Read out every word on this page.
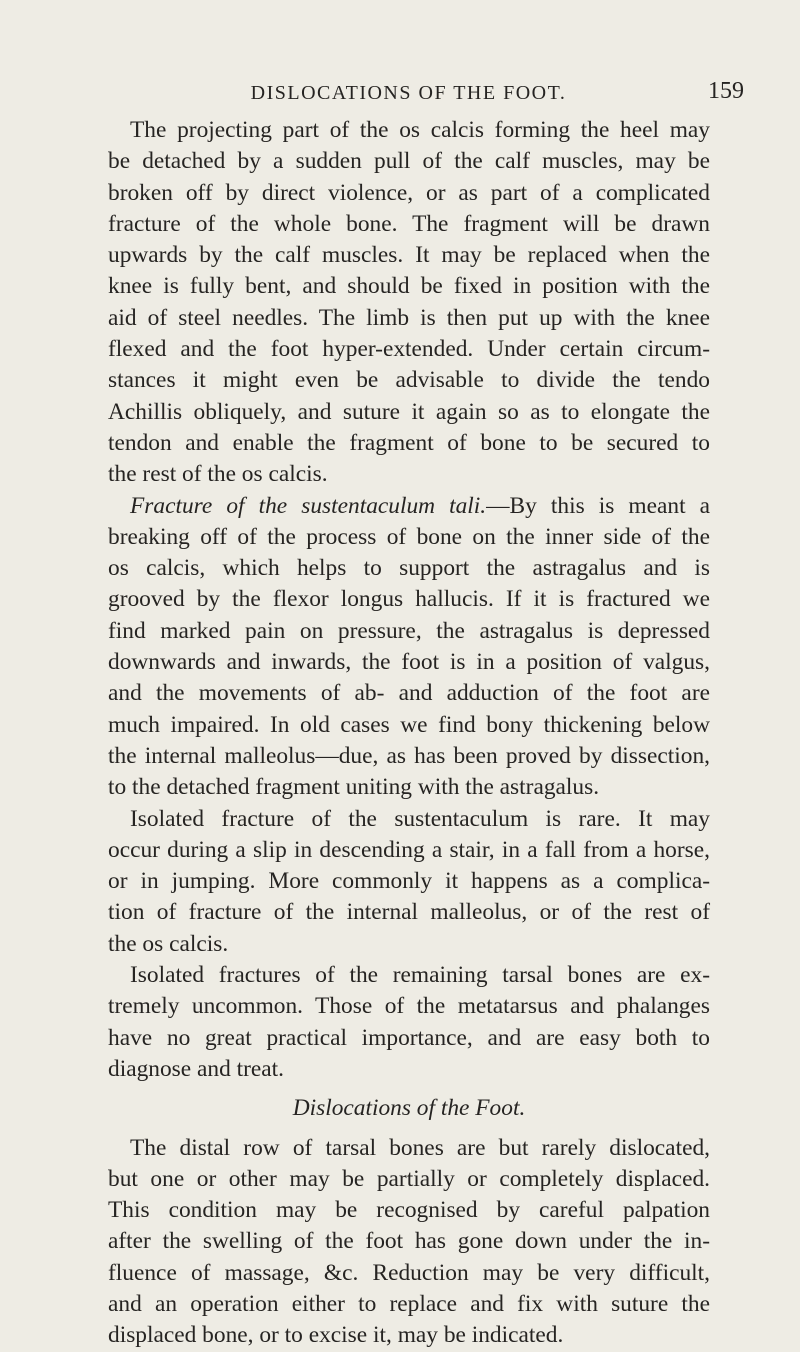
DISLOCATIONS OF THE FOOT.	159
The projecting part of the os calcis forming the heel may
be detached by a sudden pull of the calf muscles, may be
broken off by direct violence, or as part of a complicated
fracture of the whole bone. The fragment will be drawn
upwards by the calf muscles. It may be replaced when the
knee is fully bent, and should be fixed in position with the
aid of steel needles. The limb is then put up with the knee
flexed and the foot hyper-extended. Under certain circum-
stances it might even be advisable to divide the tendo
Achillis obliquely, and suture it again so as to elongate the
tendon and enable the fragment of bone to be secured to
the rest of the os calcis.
Fracture of the sustentaculum tali.—By this is meant a
breaking off of the process of bone on the inner side of the
os calcis, which helps to support the astragalus and is
grooved by the flexor longus hallucis. If it is fractured we
find marked pain on pressure, the astragalus is depressed
downwards and inwards, the foot is in a position of valgus,
and the movements of ab- and adduction of the foot are
much impaired. In old cases we find bony thickening below
the internal malleolus—due, as has been proved by dissection,
to the detached fragment uniting with the astragalus.
Isolated fracture of the sustentaculum is rare. It may
occur during a slip in descending a stair, in a fall from a horse,
or in jumping. More commonly it happens as a complica-
tion of fracture of the internal malleolus, or of the rest of
the os calcis.
Isolated fractures of the remaining tarsal bones are ex-
tremely uncommon. Those of the metatarsus and phalanges
have no great practical importance, and are easy both to
diagnose and treat.
Dislocations of the Foot.
The distal row of tarsal bones are but rarely dislocated,
but one or other may be partially or completely displaced.
This condition may be recognised by careful palpation
after the swelling of the foot has gone down under the in-
fluence of massage, &c. Reduction may be very difficult,
and an operation either to replace and fix with suture the
displaced bone, or to excise it, may be indicated.
